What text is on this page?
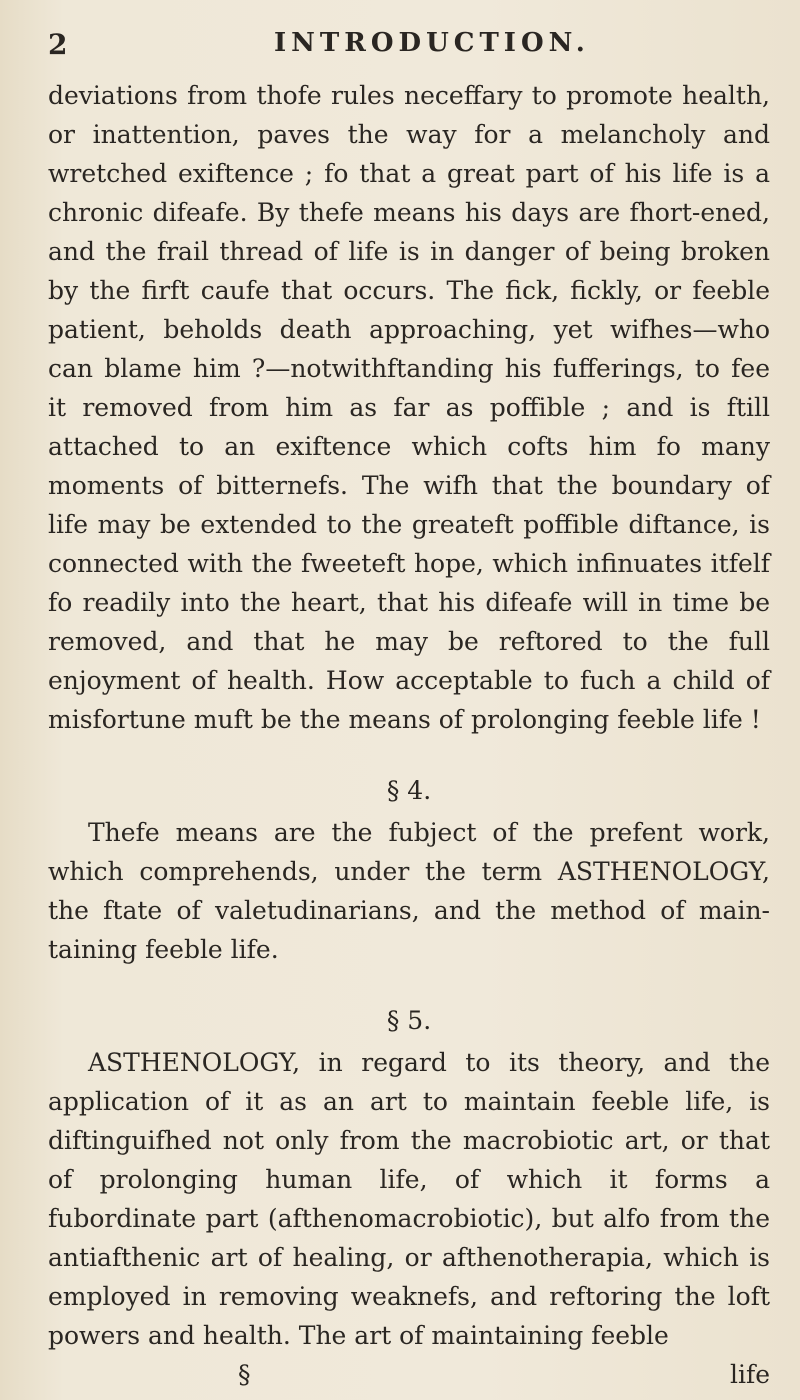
2	INTRODUCTION.

deviations from thofe rules neceffary to promote health, or inattention, paves the way for a melancholy and wretched exiftence ; fo that a great part of his life is a chronic difeafe. By thefe means his days are fhort-ened, and the frail thread of life is in danger of being broken by the firft caufe that occurs. The fick, fickly, or feeble patient, beholds death approaching, yet wifhes—who can blame him ?—notwithftanding his fufferings, to fee it removed from him as far as poffible ; and is ftill attached to an exiftence which cofts him fo many moments of bitternefs. The wifh that the boundary of life may be extended to the greateft poffible diftance, is connected with the fweeteft hope, which infinuates itfelf fo readily into the heart, that his difeafe will in time be removed, and that he may be reftored to the full enjoyment of health. How acceptable to fuch a child of misfortune muft be the means of prolonging feeble life !

§ 4.

Thefe means are the fubject of the prefent work, which comprehends, under the term ASTHENOLOGY, the ftate of valetudinarians, and the method of main-taining feeble life.

§ 5.

ASTHENOLOGY, in regard to its theory, and the application of it as an art to maintain feeble life, is diftinguifhed not only from the macrobiotic art, or that of prolonging human life, of which it forms a fubordinate part (afthenomacrobiotic), but alfo from the antiafthenic art of healing, or afthenotherapia, which is employed in removing weaknefs, and reftoring the loft powers and health. The art of maintaining feeble

§	life
